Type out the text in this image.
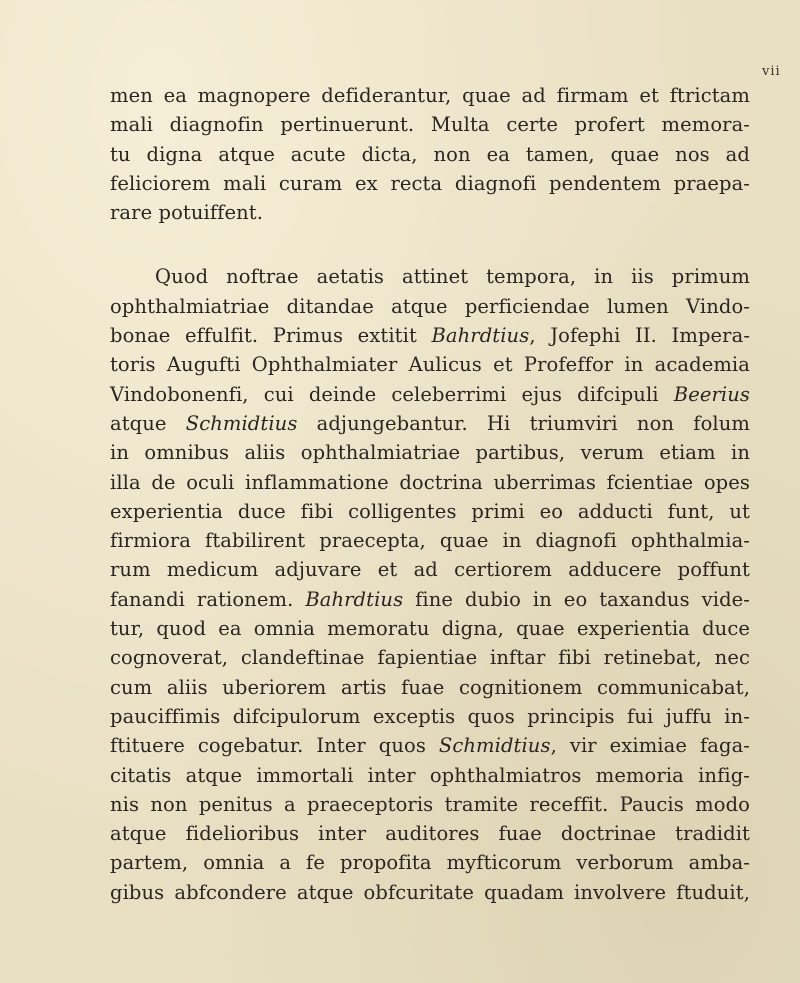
vii
men ea magnopere defiderantur, quae ad firmam et ftrictam
mali diagnofin pertinuerunt. Multa certe profert memora-
tu digna atque acute dicta, non ea tamen, quae nos ad
feliciorem mali curam ex recta diagnofi pendentem praepa-
rare potuiffent.
Quod noftrae aetatis attinet tempora, in iis primum
ophthalmiatriae ditandae atque perficiendae lumen Vindo-
bonae effulfit. Primus extitit Bahrdtius, Jofephi II. Impera-
toris Augufti Ophthalmiater Aulicus et Profeffor in academia
Vindobonenfi, cui deinde celeberrimi ejus difcipuli Beerius
atque Schmidtius adjungebantur. Hi triumviri non folum
in omnibus aliis ophthalmiatriae partibus, verum etiam in
illa de oculi inflammatione doctrina uberrimas fcientiae opes
experientia duce fibi colligentes primi eo adducti funt, ut
firmiora ftabilirent praecepta, quae in diagnofi ophthalmia-
rum medicum adjuvare et ad certiorem adducere poffunt
fanandi rationem. Bahrdtius fine dubio in eo taxandus vide-
tur, quod ea omnia memoratu digna, quae experientia duce
cognoverat, clandeftinae fapientiae inftar fibi retinebat, nec
cum aliis uberiorem artis fuae cognitionem communicabat,
pauciffimis difcipulorum exceptis quos principis fui juffu in-
ftituere cogebatur. Inter quos Schmidtius, vir eximiae faga-
citatis atque immortali inter ophthalmiatros memoria infig-
nis non penitus a praeceptoris tramite receffit. Paucis modo
atque fidelioribus inter auditores fuae doctrinae tradidit
partem, omnia a fe propofita myfticorum verborum amba-
gibus abfcondere atque obfcuritate quadam involvere ftuduit,
